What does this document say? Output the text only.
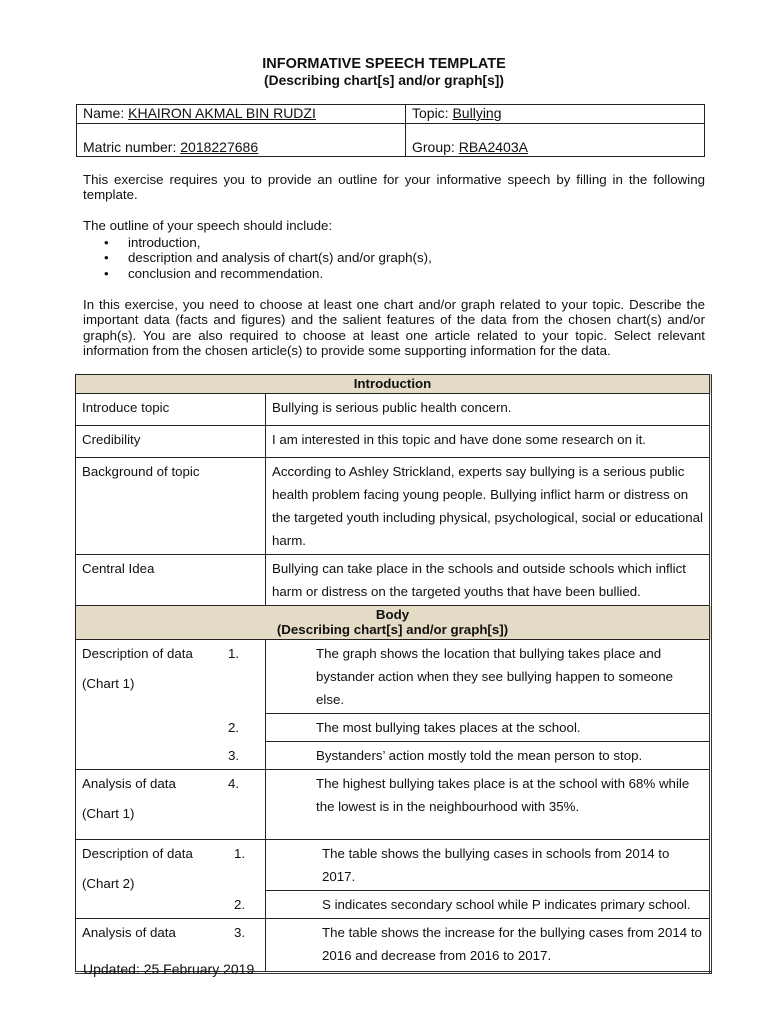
INFORMATIVE SPEECH TEMPLATE
(Describing chart[s] and/or graph[s])
Name: KHAIRON AKMAL BIN RUDZI	Topic: Bullying
Matric number: 2018227686	Group: RBA2403A

This exercise requires you to provide an outline for your informative speech by filling in the following template.

The outline of your speech should include:

• introduction,
• description and analysis of chart(s) and/or graph(s),
• conclusion and recommendation.

In this exercise, you need to choose at least one chart and/or graph related to your topic. Describe the important data (facts and figures) and the salient features of the data from the chosen chart(s) and/or graph(s). You are also required to choose at least one article related to your topic. Select relevant information from the chosen article(s) to provide some supporting information for the data.

Introduction	
Introduce topic	Bullying is serious public health concern.
Credibility	I am interested in this topic and have done some research on it.
Background of topic	According to Ashley Strickland, experts say bullying is a serious public health problem facing young people. Bullying inflict harm or distress on the targeted youth including physical, psychological, social or educational harm.
Central Idea	Bullying can take place in the schools and outside schools which inflict harm or distress on the targeted youths that have been bullied.

Body
(Describing chart[s] and/or graph[s])	

Description of data
(Chart 1)	1. The graph shows the location that bullying takes place and bystander action when they see bullying happen to someone else.

	2. The most bullying takes places at the school.

	3. Bystanders’ action mostly told the mean person to stop.

Analysis of data
(Chart 1)	4. The highest bullying takes place is at the school with 68% while the lowest is in the neighbourhood with 35%.

Description of data
(Chart 2)	1. The table shows the bullying cases in schools from 2014 to 2017.

	2. S indicates secondary school while P indicates primary school.

Analysis of data	3. The table shows the increase for the bullying cases from 2014 to 2016 and decrease from 2016 to 2017.
Updated: 25 February 2019
